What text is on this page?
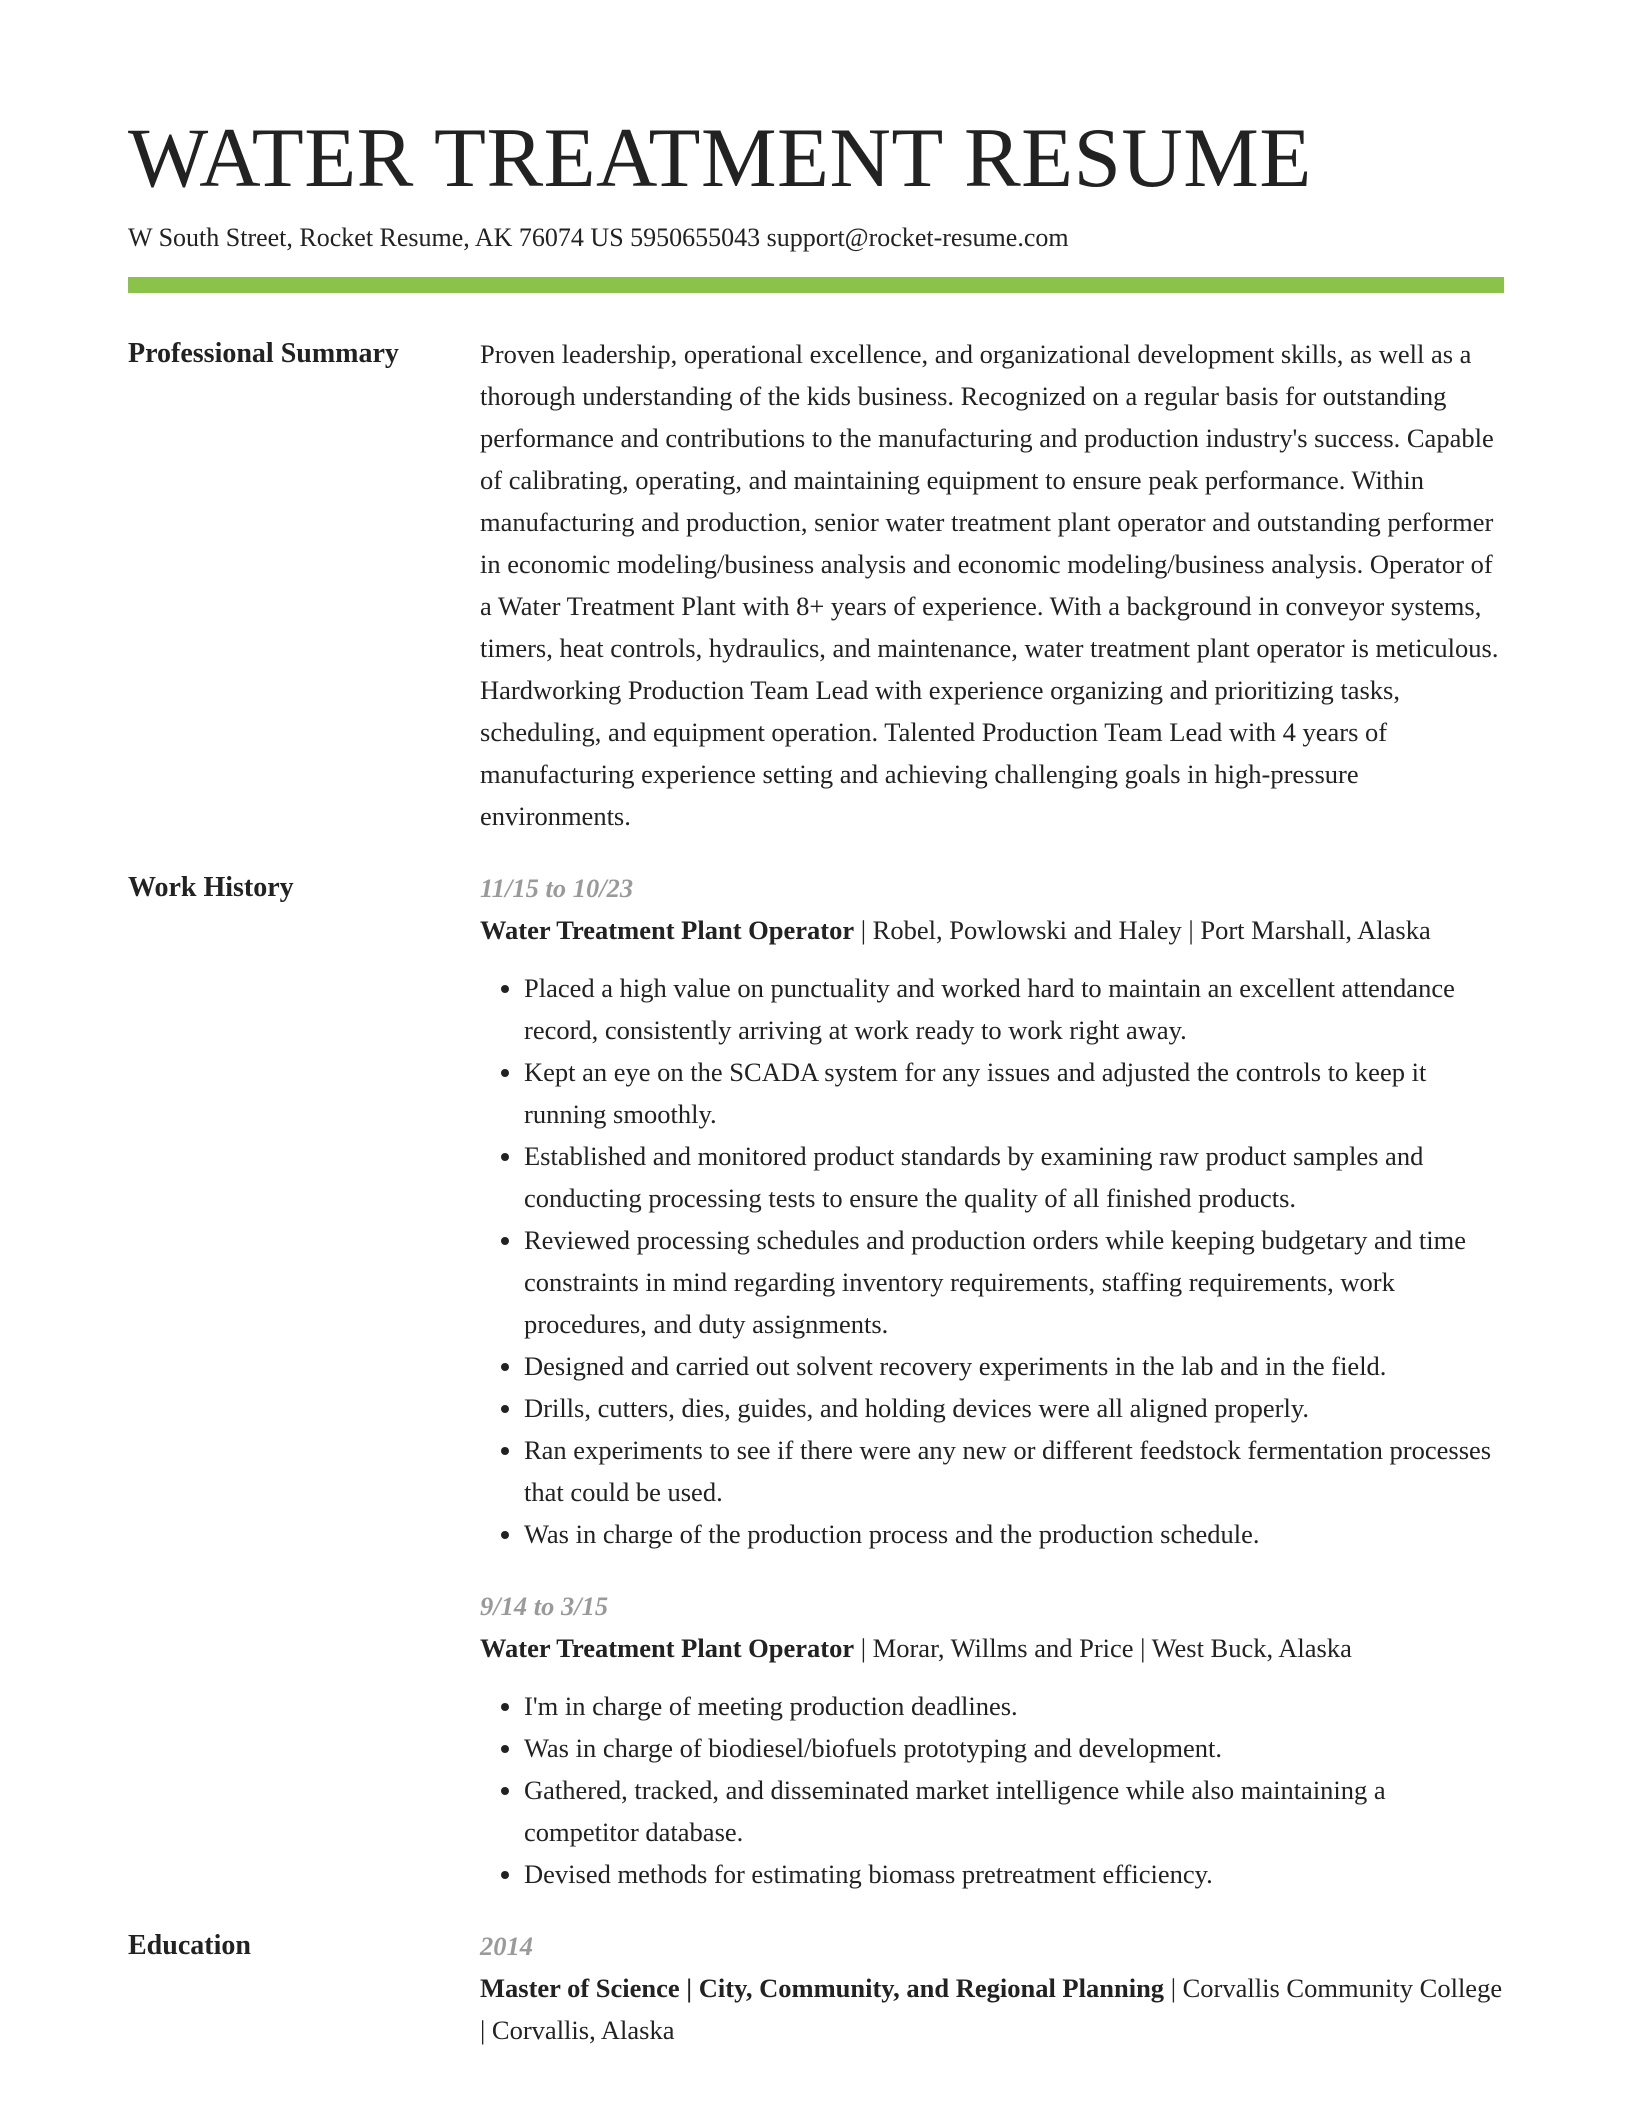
WATER TREATMENT RESUME
W South Street, Rocket Resume, AK 76074 US 5950655043 support@rocket-resume.com
Professional Summary	Proven leadership, operational excellence, and organizational development skills, as well as a thorough understanding of the kids business. Recognized on a regular basis for outstanding performance and contributions to the manufacturing and production industry's success. Capable of calibrating, operating, and maintaining equipment to ensure peak performance. Within manufacturing and production, senior water treatment plant operator and outstanding performer in economic modeling/business analysis and economic modeling/business analysis. Operator of a Water Treatment Plant with 8+ years of experience. With a background in conveyor systems, timers, heat controls, hydraulics, and maintenance, water treatment plant operator is meticulous. Hardworking Production Team Lead with experience organizing and prioritizing tasks, scheduling, and equipment operation. Talented Production Team Lead with 4 years of manufacturing experience setting and achieving challenging goals in high-pressure environments.

Work History	11/15 to 10/23
Water Treatment Plant Operator | Robel, Powlowski and Haley | Port Marshall, Alaska
• Placed a high value on punctuality and worked hard to maintain an excellent attendance record, consistently arriving at work ready to work right away.
• Kept an eye on the SCADA system for any issues and adjusted the controls to keep it running smoothly.
• Established and monitored product standards by examining raw product samples and conducting processing tests to ensure the quality of all finished products.
• Reviewed processing schedules and production orders while keeping budgetary and time constraints in mind regarding inventory requirements, staffing requirements, work procedures, and duty assignments.
• Designed and carried out solvent recovery experiments in the lab and in the field.
• Drills, cutters, dies, guides, and holding devices were all aligned properly.
• Ran experiments to see if there were any new or different feedstock fermentation processes that could be used.
• Was in charge of the production process and the production schedule.
9/14 to 3/15
Water Treatment Plant Operator | Morar, Willms and Price | West Buck, Alaska
• I'm in charge of meeting production deadlines.
• Was in charge of biodiesel/biofuels prototyping and development.
• Gathered, tracked, and disseminated market intelligence while also maintaining a competitor database.
• Devised methods for estimating biomass pretreatment efficiency.
Education	2014
Master of Science | City, Community, and Regional Planning | Corvallis Community College | Corvallis, Alaska
